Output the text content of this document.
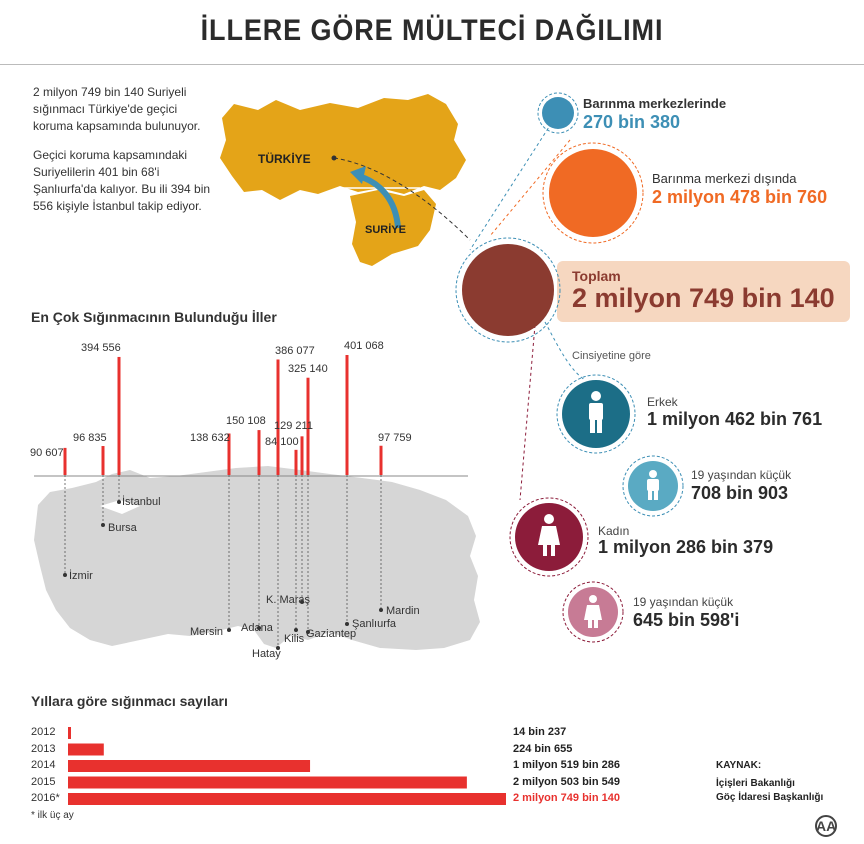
İLLERE GÖRE MÜLTECİ DAĞILIMI
2 milyon 749 bin 140 Suriyeli sığınmacı Türkiye'de geçici koruma kapsamında bulunuyor.
Geçici koruma kapsamındaki Suriyelilerin 401 bin 68'i Şanlıurfa'da kalıyor. Bu ili 394 bin 556 kişiyle İstanbul takip ediyor.
AA
TÜRKİYE
SURİYE
Barınma merkezlerinde
270 bin 380
Barınma merkezi dışında
2 milyon 478 bin 760
Toplam
2 milyon 749 bin 140
Cinsiyetine göre
Erkek
1 milyon 462 bin 761
19 yaşından küçük
708 bin 903
Kadın
1 milyon 286 bin 379
19 yaşından küçük
645 bin 598'i
En Çok Sığınmacının Bulunduğu İller
90 607
İzmir
96 835
Bursa
394 556
İstanbul
138 632
Mersin
150 108
Adana
386 077
Hatay
84 100
Kilis
129 211
K. Maraş
325 140
Gaziantep
401 068
Şanlıurfa
97 759
Mardin
Yıllara göre sığınmacı sayıları
2012	14 bin 237
2013	224 bin 655
2014	1 milyon 519 bin 286
2015	2 milyon 503 bin 549
2016*	2 milyon 749 bin 140
* ilk üç ay
KAYNAK:
İçişleri Bakanlığı
Göç İdaresi Başkanlığı
